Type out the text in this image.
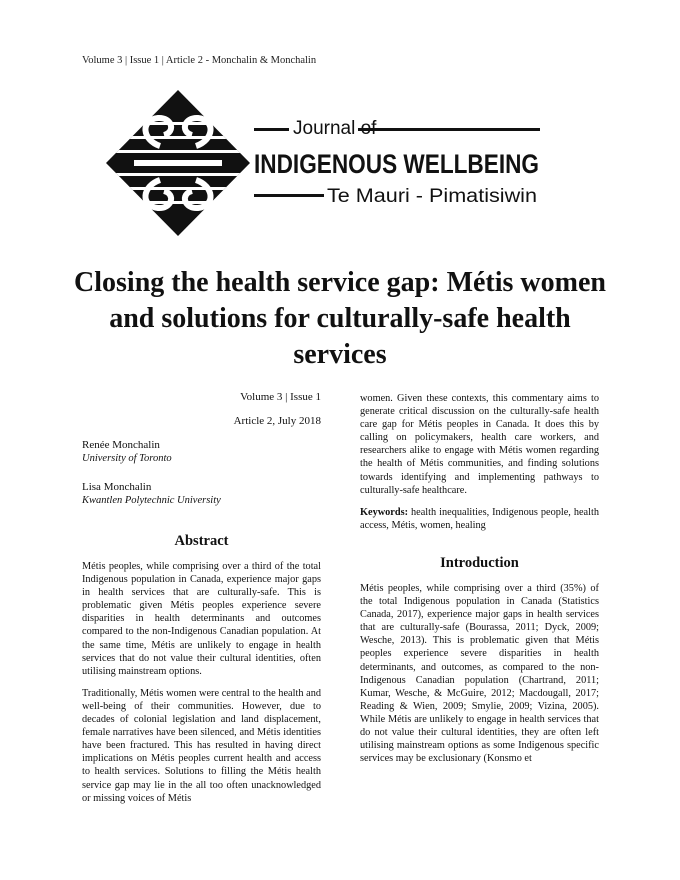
Volume 3 | Issue 1 | Article 2 - Monchalin & Monchalin
Journal of
INDIGENOUS WELLBEING
Te Mauri - Pimatisiwin
Closing the health service gap: Métis women and solutions for culturally-safe health services

Volume 3 | Issue 1

Article 2, July 2018

Renée Monchalin

University of Toronto

Lisa Monchalin

Kwantlen Polytechnic University

Abstract

Métis peoples, while comprising over a third of the total Indigenous population in Canada, experience major gaps in health services that are culturally-safe. This is problematic given Métis peoples experience severe disparities in health determinants and outcomes compared to the non-Indigenous Canadian population. At the same time, Métis are unlikely to engage in health services that do not value their cultural identities, often utilising mainstream options.

Traditionally, Métis women were central to the health and well-being of their communities. However, due to decades of colonial legislation and land displacement, female narratives have been silenced, and Métis identities have been fractured. This has resulted in having direct implications on Métis peoples current health and access to health services. Solutions to filling the Métis health service gap may lie in the all too often unacknowledged or missing voices of Métis

women. Given these contexts, this commentary aims to generate critical discussion on the culturally-safe health care gap for Métis peoples in Canada. It does this by calling on policymakers, health care workers, and researchers alike to engage with Métis women regarding the health of Métis communities, and finding solutions towards identifying and implementing pathways to culturally-safe healthcare.

Keywords: health inequalities, Indigenous people, health access, Métis, women, healing

Introduction

Métis peoples, while comprising over a third (35%) of the total Indigenous population in Canada (Statistics Canada, 2017), experience major gaps in health services that are culturally-safe (Bourassa, 2011; Dyck, 2009; Wesche, 2013). This is problematic given that Métis peoples experience severe disparities in health determinants, and outcomes, as compared to the non-Indigenous Canadian population (Chartrand, 2011; Kumar, Wesche, & McGuire, 2012; Macdougall, 2017; Reading & Wien, 2009; Smylie, 2009; Vizina, 2005). While Métis are unlikely to engage in health services that do not value their cultural identities, they are often left utilising mainstream options as some Indigenous specific services may be exclusionary (Konsmo et
